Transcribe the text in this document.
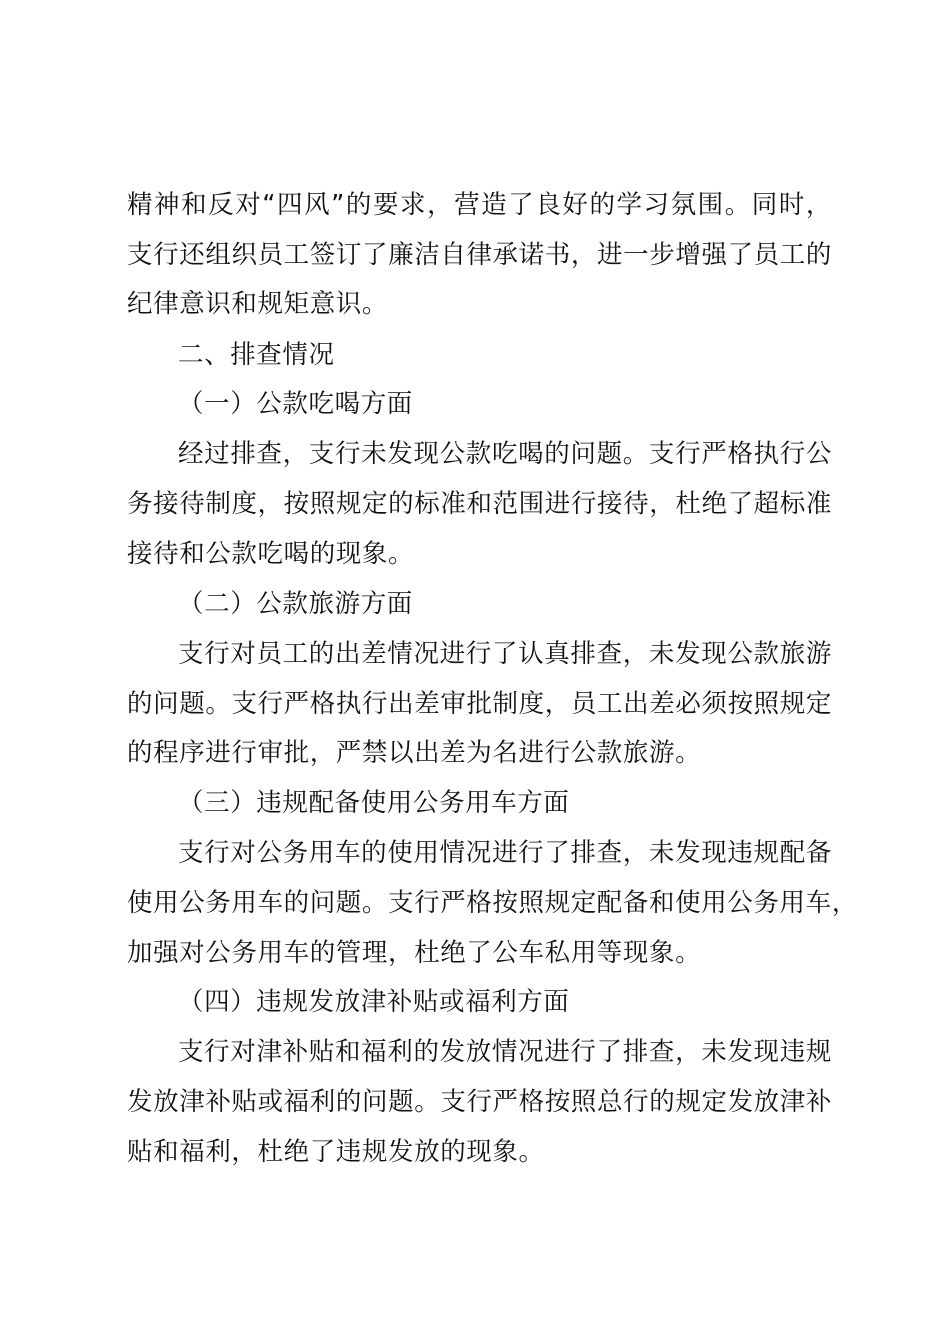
精神和反对“四风”的要求，营造了良好的学习氛围。同时，
支行还组织员工签订了廉洁自律承诺书，进一步增强了员工的
纪律意识和规矩意识。
二、排查情况
（一）公款吃喝方面
经过排查，支行未发现公款吃喝的问题。支行严格执行公
务接待制度，按照规定的标准和范围进行接待，杜绝了超标准
接待和公款吃喝的现象。
（二）公款旅游方面
支行对员工的出差情况进行了认真排查，未发现公款旅游
的问题。支行严格执行出差审批制度，员工出差必须按照规定
的程序进行审批，严禁以出差为名进行公款旅游。
（三）违规配备使用公务用车方面
支行对公务用车的使用情况进行了排查，未发现违规配备
使用公务用车的问题。支行严格按照规定配备和使用公务用车，
加强对公务用车的管理，杜绝了公车私用等现象。
（四）违规发放津补贴或福利方面
支行对津补贴和福利的发放情况进行了排查，未发现违规
发放津补贴或福利的问题。支行严格按照总行的规定发放津补
贴和福利，杜绝了违规发放的现象。
